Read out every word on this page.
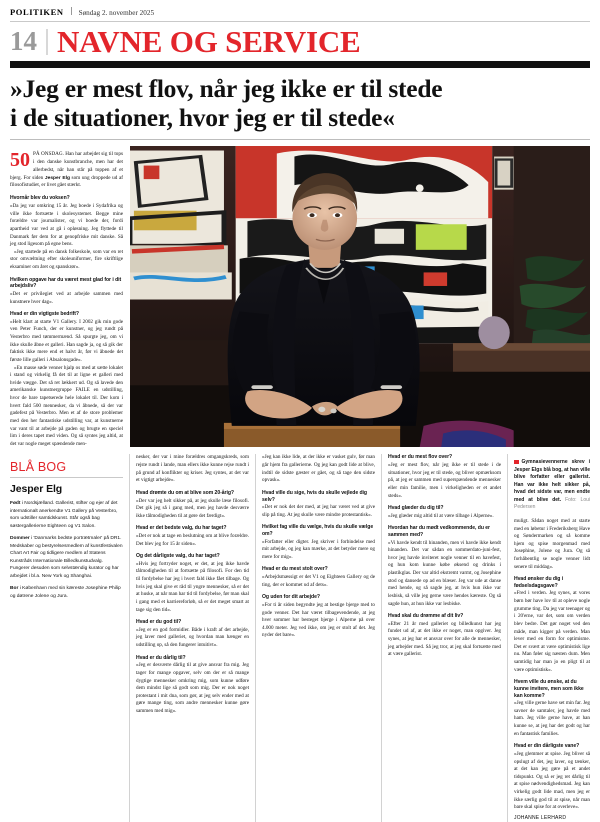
POLITIKEN Søndag 2. november 2025
14 NAVNE OG SERVICE
»Jeg er mest flov, når jeg ikke er til stede
i de situationer, hvor jeg er til stede«

50 PÅ ONSDAG. Han har arbejdet sig til tops i den danske kunstbranche, men har det allerbedst, når han står på toppen af et bjerg. For siden Jesper Elg som ung droppede ud af filosofistudiet, er livet gået stærkt.

Hvornår blev du voksen?

»Da jeg var omkring 15 år. Jeg boede i Sydafrika og ville ikke fortsætte i skolesystemet. Begge mine forældre var journalister, og vi boede der, fordi apartheid var ved at gå i opløsning. Jeg flyttede til Danmark før dem for at genopfriske mit danske. Så jeg stod ligesom på egne bens.

»Jeg startede på en dansk folkeskole, som var en ret stor omvæltning efter skoleuniformer, fire skriftlige eksaminer om året og spanskrør«.

Hvilken opgave har du været mest glad for i dit arbejdsliv?

»Det er privilegiet ved at arbejde sammen med kunstnere hver dag«.

Hvad er din vigtigste bedrift?

»Helt klart at starte V1 Gallery. I 2002 gik min gode ven Peter Funch, der er kunstner, og jeg rundt på Vesterbro med tømmermænd. Så spurgte jeg, om vi ikke skulle åbne et galleri. Han sagde ja, og så gik der faktisk ikke mere end et halvt år, før vi åbnede det første lille galleri i Absalonsgade«.

»En masse søde venner hjalp os med at sætte lokalet i stand og virkelig få det til at ligne et galleri med hvide vægge. Det så ret lækkert ud. Og så lavede den amerikanske kunstnergruppe FAILE en udstilling, hvor de bare tapetserede hele lokalet til. Der kom i hvert fald 500 mennesker, da vi åbnede, så der var gadefest på Vesterbro. Men et af de store problemer med den her fantastiske udstilling var, at kunstnerne var vant til at arbejde på gaden og brugte en speciel lim i deres tapet med viden. Og så syntes jeg altid, at det var nogle meget spændende men-

BLÅ BOG
Jesper Elg

Født i Nordsjælland. Gallerist, stifter og ejer af det internationalt anerkendte V1 Gallery på Vesterbro, som udstiller samtidskunst. Står også bag søstergallerierne Eighteen og V1 Salon.

Dommer i 'Danmarks bedste portrætmaler' på DR1. Medskaber og bestyrelsesmedlem af kunstfestivalen Chart Art Fair og tidligere medlem af Statens Kunstråds Internationale Billedkunstudvalg. Fungerer desuden som selvstændig kurator og har arbejdet i bl.a. New York og Shanghai.

Bor i København med sin kæreste Josephine Philip og døtrene Jolene og Jura.

nesker, der var i mine forældres omgangskreds, som rejste rundt i lande, man ellers ikke kunne rejse rundt i på grund af konflikter og kriser. Jeg syntes, at det var et vigtigt arbejde«.

Hvad drømte du om at blive som 20-årig?

»Der var jeg helt sikker på, at jeg skulle læse filosofi. Det gik jeg så i gang med, men jeg havde desværre ikke tålmodigheden til at gøre det færdigt«.

Hvad er det bedste valg, du har taget?

»Det er nok at tage en beslutning om at blive forældre. Det blev jeg for 15 år siden«.

Og det dårligste valg, du har taget?

»Hvis jeg fortryder noget, er det, at jeg ikke havde tålmodigheden til at fortsætte på filosofi. For den tid til fordybelse har jeg i hvert fald ikke fået tilbage. Og hvis jeg skal give et råd til yngre mennesker, så er det at huske, at når man har tid til fordybelse, før man skal i gang med et karriereforløb, så er det meget smart at tage sig den tid«.

Hvad er du god til?

»Jeg er en god formidler. Både i kraft af det arbejde, jeg laver med galleriet, og hvordan man hænger en udstilling op, så den fungerer intuitivt«.

Hvad er du dårlig til?

»Jeg er desværre dårlig til at give ansvar fra mig. Jeg tager for mange opgaver, selv om der er så mange dygtige mennesker omkring mig, som kunne udføre dem mindst lige så godt som mig. Der er nok noget protestant i mit dna, som gør, at jeg selv ender med at gøre mange ting, som andre mennesker kunne gøre sammen med mig«.

»Jeg kan ikke lide, at der ikke er vasket gulv, før man går hjem fra gallerierne. Og jeg kan godt lide at blive, indtil de sidste gæster er gået, og så tage den sidste opvask«.

Hvad ville du sige, hvis du skulle vejlede dig selv?

»Det er nok det der med, at jeg har været ved at give slip på ting. At jeg skulle være mindre protestantisk«.

Hvilket fag ville du vælge, hvis du skulle vælge om?

»Forfatter eller digter. Jeg skriver i forbindelse med mit arbejde, og jeg kan mærke, at det betyder mere og mere for mig«.

Hvad er du mest stolt over?

»Arbejdsmæssigt er det V1 og Eighteen Gallery og de ting, der er kommet ud af dets«.

Og uden for dit arbejde?

»For ti år siden begyndte jeg at bestige bjerge med to gode venner. Det har været tilbagevendende, at jeg hver sommer har besteget bjerge i Alperne på over 4.000 meter. Jeg ved ikke, om jeg er stolt af det. Jeg nyder det bare«.

Hvad er du mest flov over?

»Jeg er mest flov, når jeg ikke er til stede i de situationer, hvor jeg er til stede, og bliver opmærksom på, at jeg er sammen med superspændende mennesker eller min familie, men i virkeligheden er et andet steds«.

Hvad glæder du dig til?

»Jeg glæder mig altid til at være tilbage i Alperne«.

Hvordan har du mødt vedkommende, du er sammen med?

»Vi havde kendt til hinanden, men vi havde ikke kendt hinanden. Det var sådan en sommerdato-juni-fest, hvor jeg havde inviteret nogle venner til en havefest, og hun kom kunne købe øksend og drinks i plastikglas. Der var altid ekstremt varmt, og Josephine stod og dansede op ad en blæser. Jeg var ude at danse med hende, og så sagde jeg, at hvis hun ikke var lesbisk, så ville jeg gerne være hendes kæreste. Og så sagde hun, at hun ikke var lesbiske.

Hvad skal du drømme af dit liv?

»Efter 21 år med galleriet og billedkunst har jeg fundet ud af, at det ikke er noget, man opgiver. Jeg synes, at jeg har et ansvar over for alle de mennesker, jeg arbejder med. Så jeg tror, at jeg skal fortsætte med at være gallerist.

Gymnasievennerne skrev i Jesper Elgs blå bog, at han ville blive forfatter eller gallerist. Han var ikke helt sikker på, hvad det sidste var, men endte med at blive det. Foto: Loui Pedersen

muligt. Sådan noget med at starte med en løbetur i Frederiksberg Have og Søndermarken og så komme hjem og spise morgenmad med Josephine, Jolene og Jura. Og så forhåbentlig se nogle venner lidt senere til middag«.

Hvad ønsker du dig i fødselsdagsgave?

»Fred i verden. Jeg synes, at vores børn bør have lov til at opleve nogle grumme ting. Da jeg var teenager og i 20'erne, var det, som om verden blev bedre. Det gør noget ved den måde, man kigger på verden. Man lever med en form for optimisme. Det er svært at være optimistisk lige nu. Man føler sig næsten dum. Men samtidig har man jo en pligt til at være optimistisk«.

Hvem ville du ønske, at du kunne invitere, men som ikke kan komme?

»Jeg ville gerne have set min far. Jeg savner de samtaler, jeg havde med ham. Jeg ville gerne have, at han kunne se, at jeg har det godt og har en fantastisk families.

Hvad er din dårligste vane?

»Jeg glemmer at spise. Jeg bliver så opslugt af det, jeg laver, og tænker, at det kan jeg gøre på et andet tidspunkt. Og så er jeg ret dårlig til at spise nødvendighedsmad. Jeg kan virkelig godt lide mad, men jeg er ikke særlig god til at spise, når man bare skal spise for at overleve«.

JOHANNE LERHARD
